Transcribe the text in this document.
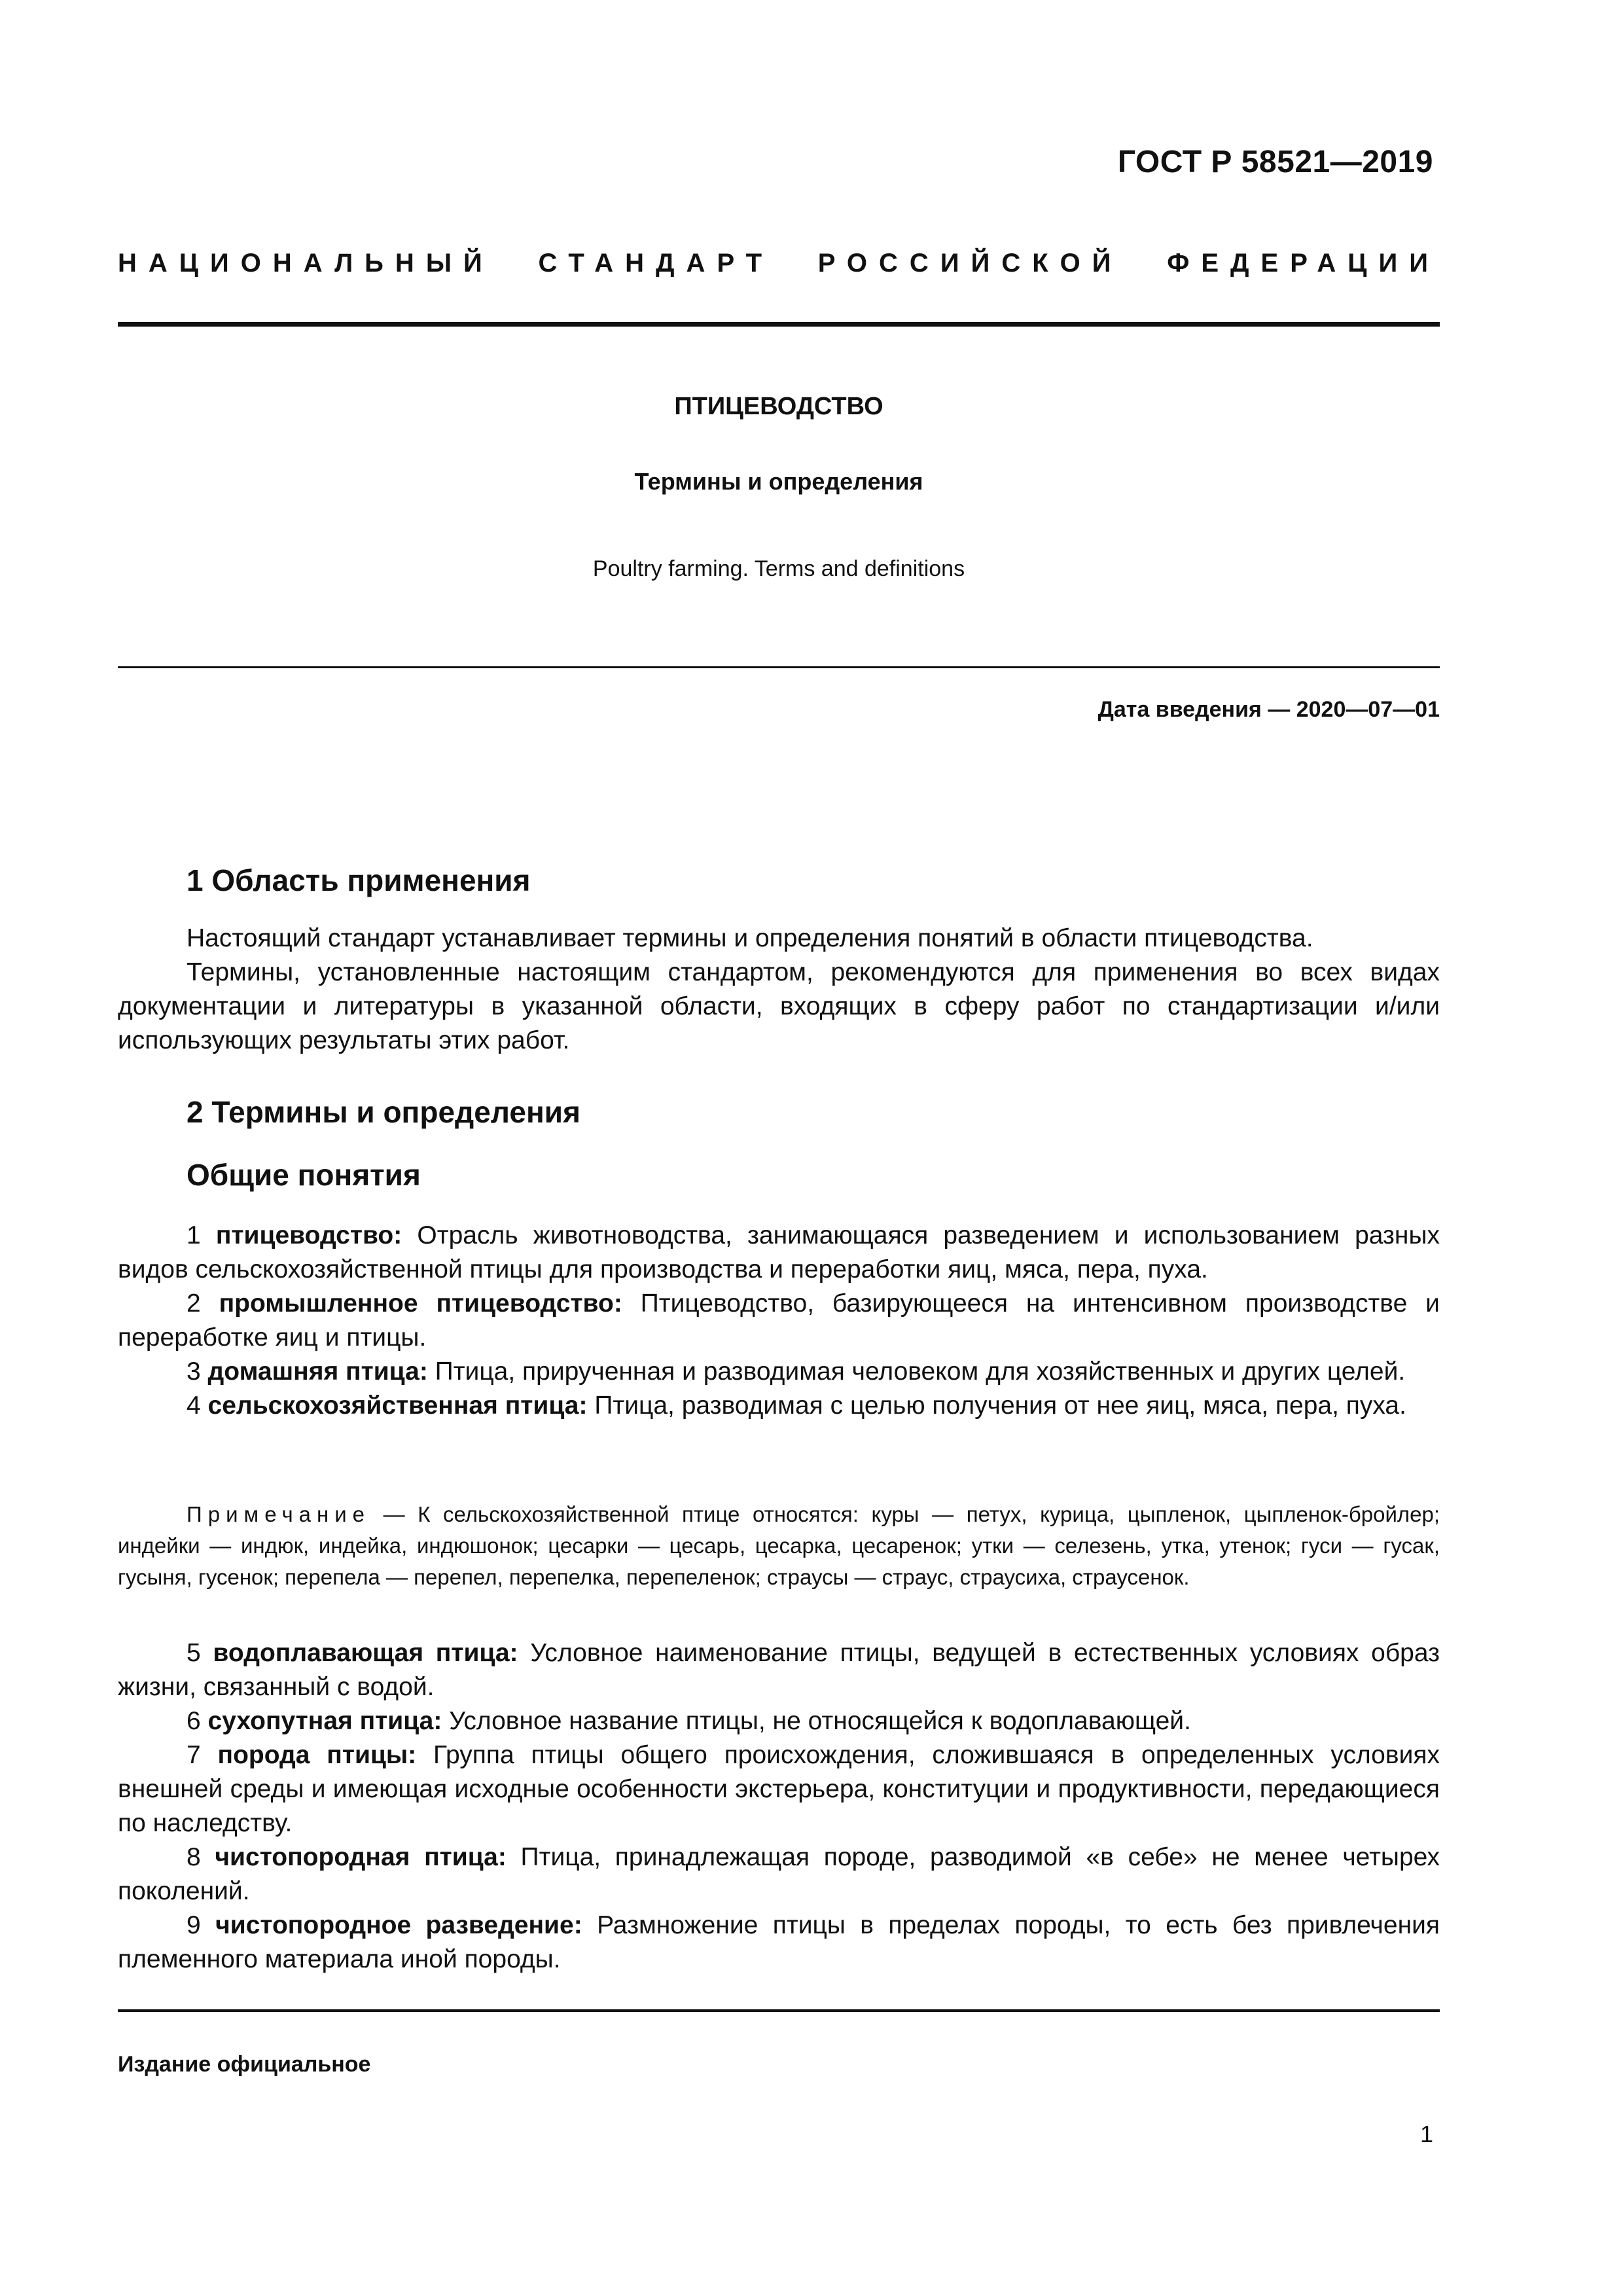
ГОСТ Р 58521—2019
НАЦИОНАЛЬНЫЙ СТАНДАРТ РОССИЙСКОЙ ФЕДЕРАЦИИ
ПТИЦЕВОДСТВО
Термины и определения
Poultry farming. Terms and definitions
Дата введения — 2020—07—01
1 Область применения

Настоящий стандарт устанавливает термины и определения понятий в области птицеводства.

Термины, установленные настоящим стандартом, рекомендуются для применения во всех видах документации и литературы в указанной области, входящих в сферу работ по стандартизации и/или использующих результаты этих работ.

2 Термины и определения
Общие понятия

1 птицеводство: Отрасль животноводства, занимающаяся разведением и использованием разных видов сельскохозяйственной птицы для производства и переработки яиц, мяса, пера, пуха.

2 промышленное птицеводство: Птицеводство, базирующееся на интенсивном производстве и переработке яиц и птицы.

3 домашняя птица: Птица, прирученная и разводимая человеком для хозяйственных и других целей.

4 сельскохозяйственная птица: Птица, разводимая с целью получения от нее яиц, мяса, пера, пуха.

Примечание — К сельскохозяйственной птице относятся: куры — петух, курица, цыпленок, цыпленок-бройлер; индейки — индюк, индейка, индюшонок; цесарки — цесарь, цесарка, цесаренок; утки — селезень, утка, утенок; гуси — гусак, гусыня, гусенок; перепела — перепел, перепелка, перепеленок; страусы — страус, страусиха, страусенок.

5 водоплавающая птица: Условное наименование птицы, ведущей в естественных условиях образ жизни, связанный с водой.

6 сухопутная птица: Условное название птицы, не относящейся к водоплавающей.

7 порода птицы: Группа птицы общего происхождения, сложившаяся в определенных условиях внешней среды и имеющая исходные особенности экстерьера, конституции и продуктивности, передающиеся по наследству.

8 чистопородная птица: Птица, принадлежащая породе, разводимой «в себе» не менее четырех поколений.

9 чистопородное разведение: Размножение птицы в пределах породы, то есть без привлечения племенного материала иной породы.

Издание официальное
1
